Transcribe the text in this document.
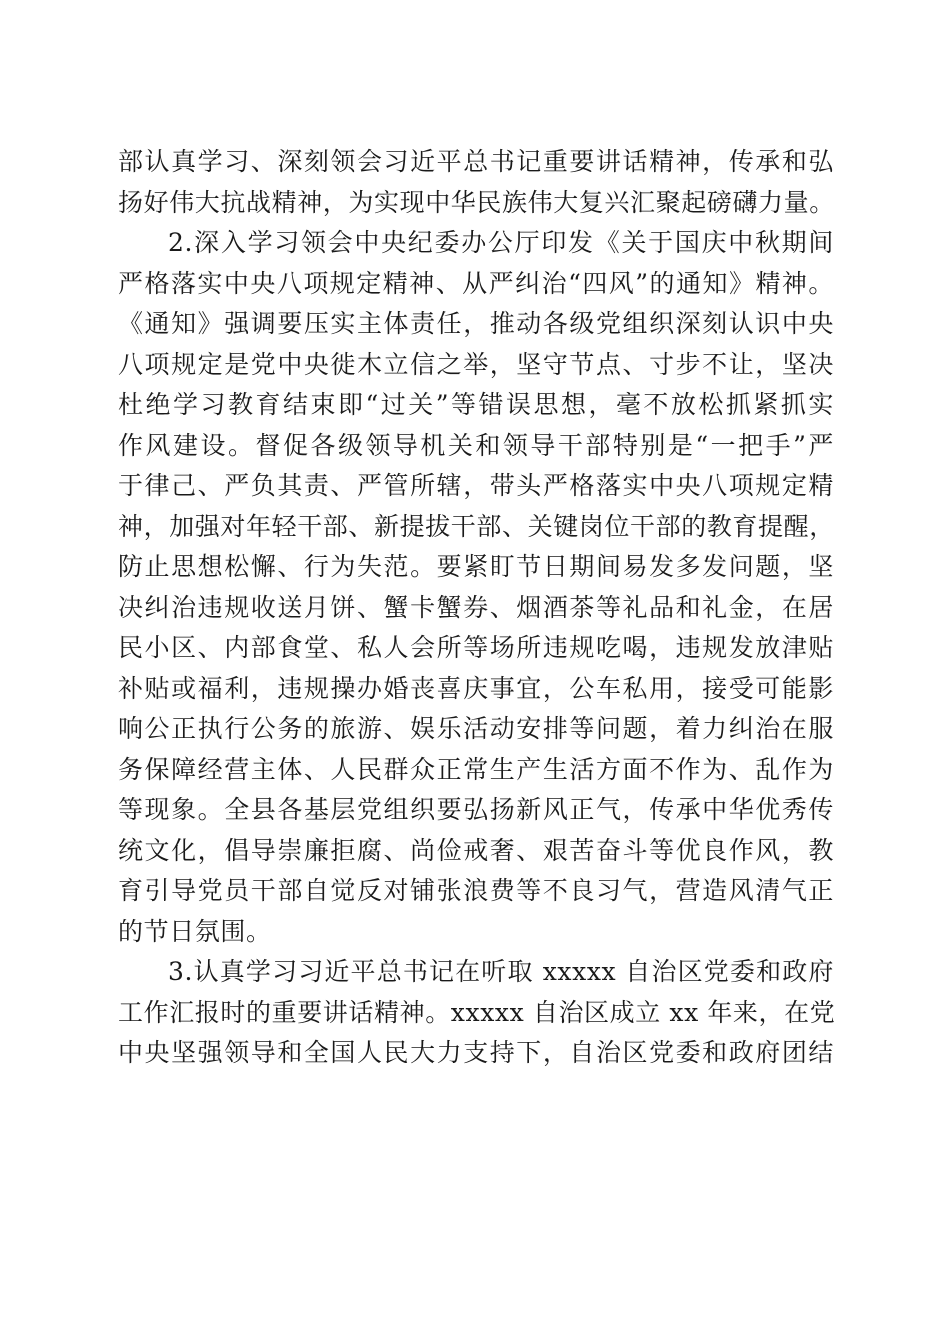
部认真学习、深刻领会习近平总书记重要讲话精神，传承和弘
扬好伟大抗战精神，为实现中华民族伟大复兴汇聚起磅礴力量。
2.深入学习领会中央纪委办公厅印发《关于国庆中秋期间
严格落实中央八项规定精神、从严纠治“四风”的通知》精神。
《通知》强调要压实主体责任，推动各级党组织深刻认识中央
八项规定是党中央徙木立信之举，坚守节点、寸步不让，坚决
杜绝学习教育结束即“过关”等错误思想，毫不放松抓紧抓实
作风建设。督促各级领导机关和领导干部特别是“一把手”严
于律己、严负其责、严管所辖，带头严格落实中央八项规定精
神，加强对年轻干部、新提拔干部、关键岗位干部的教育提醒，
防止思想松懈、行为失范。要紧盯节日期间易发多发问题，坚
决纠治违规收送月饼、蟹卡蟹券、烟酒茶等礼品和礼金，在居
民小区、内部食堂、私人会所等场所违规吃喝，违规发放津贴
补贴或福利，违规操办婚丧喜庆事宜，公车私用，接受可能影
响公正执行公务的旅游、娱乐活动安排等问题，着力纠治在服
务保障经营主体、人民群众正常生产生活方面不作为、乱作为
等现象。全县各基层党组织要弘扬新风正气，传承中华优秀传
统文化，倡导崇廉拒腐、尚俭戒奢、艰苦奋斗等优良作风，教
育引导党员干部自觉反对铺张浪费等不良习气，营造风清气正
的节日氛围。
3.认真学习习近平总书记在听取 xxxxx 自治区党委和政府
工作汇报时的重要讲话精神。xxxxx 自治区成立 xx 年来，在党
中央坚强领导和全国人民大力支持下，自治区党委和政府团结
